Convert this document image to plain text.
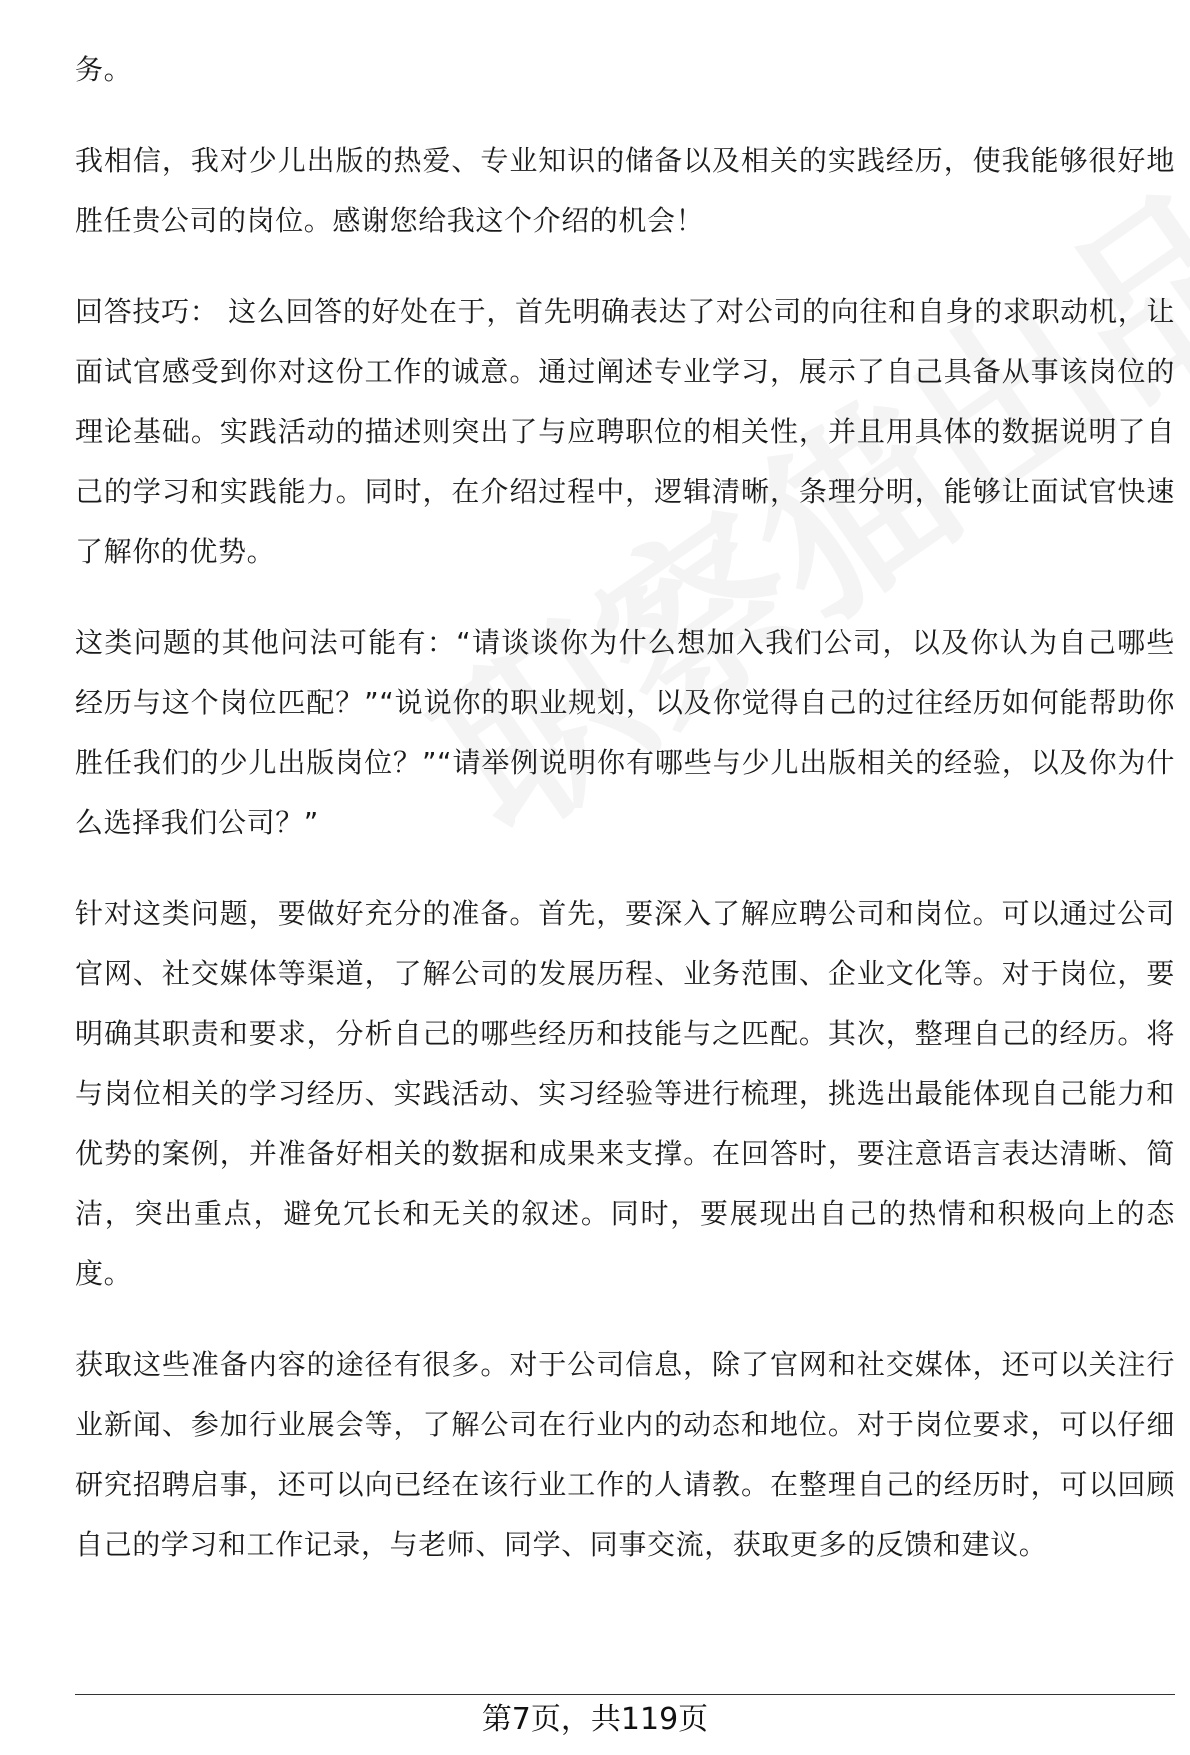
务。

我相信，我对少儿出版的热爱、专业知识的储备以及相关的实践经历，使我能够很好地胜任贵公司的岗位。感谢您给我这个介绍的机会！

回答技巧： 这么回答的好处在于，首先明确表达了对公司的向往和自身的求职动机，让面试官感受到你对这份工作的诚意。通过阐述专业学习，展示了自己具备从事该岗位的理论基础。实践活动的描述则突出了与应聘职位的相关性，并且用具体的数据说明了自己的学习和实践能力。同时，在介绍过程中，逻辑清晰，条理分明，能够让面试官快速了解你的优势。

这类问题的其他问法可能有：“请谈谈你为什么想加入我们公司，以及你认为自己哪些经历与这个岗位匹配？”“说说你的职业规划，以及你觉得自己的过往经历如何能帮助你胜任我们的少儿出版岗位？”“请举例说明你有哪些与少儿出版相关的经验，以及你为什么选择我们公司？”

针对这类问题，要做好充分的准备。首先，要深入了解应聘公司和岗位。可以通过公司官网、社交媒体等渠道，了解公司的发展历程、业务范围、企业文化等。对于岗位，要明确其职责和要求，分析自己的哪些经历和技能与之匹配。其次，整理自己的经历。将与岗位相关的学习经历、实践活动、实习经验等进行梳理，挑选出最能体现自己能力和优势的案例，并准备好相关的数据和成果来支撑。在回答时，要注意语言表达清晰、简洁，突出重点，避免冗长和无关的叙述。同时，要展现出自己的热情和积极向上的态度。

获取这些准备内容的途径有很多。对于公司信息，除了官网和社交媒体，还可以关注行业新闻、参加行业展会等，了解公司在行业内的动态和地位。对于岗位要求，可以仔细研究招聘启事，还可以向已经在该行业工作的人请教。在整理自己的经历时，可以回顾自己的学习和工作记录，与老师、同学、同事交流，获取更多的反馈和建议。

第7页，共119页
